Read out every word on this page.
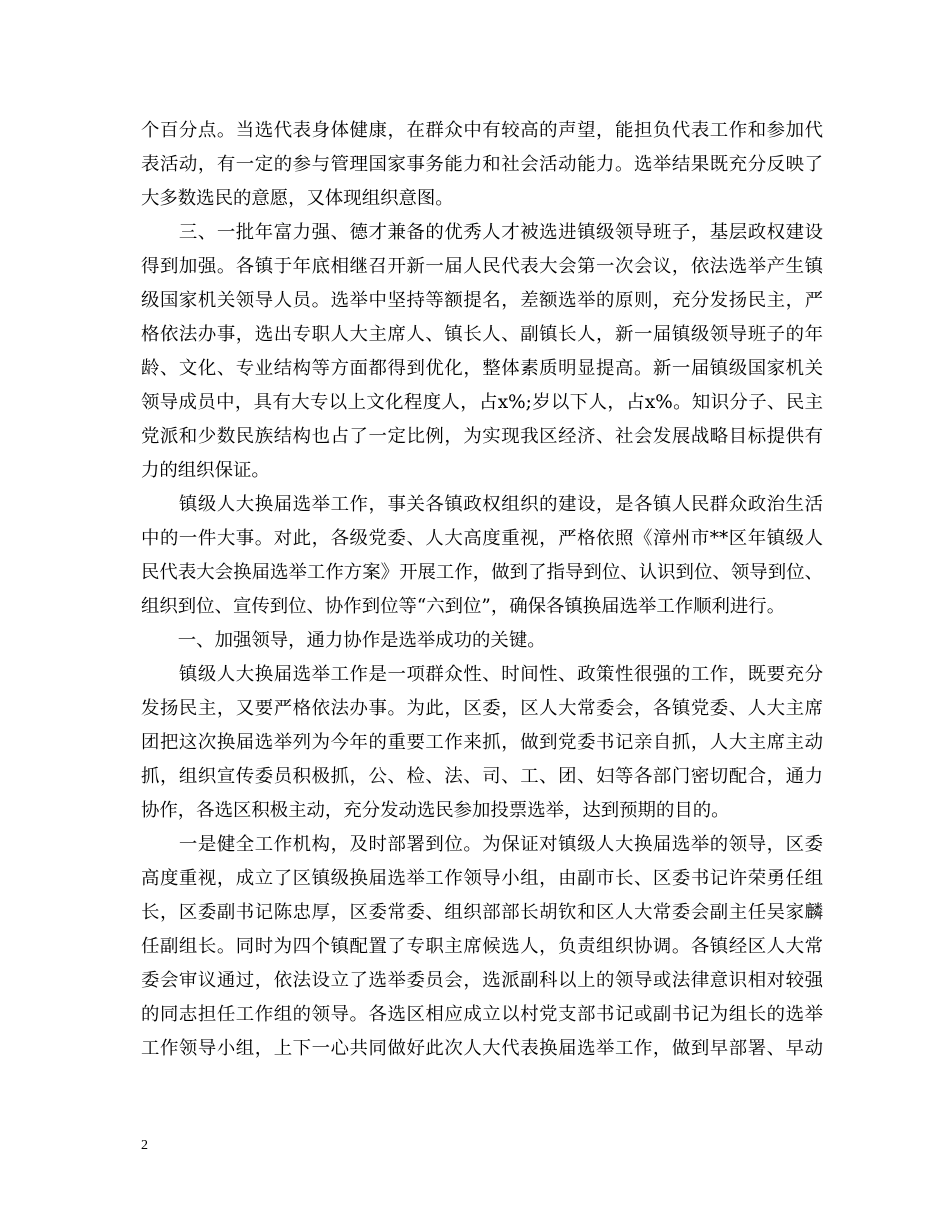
个百分点。当选代表身体健康，在群众中有较高的声望，能担负代表工作和参加代
表活动，有一定的参与管理国家事务能力和社会活动能力。选举结果既充分反映了
大多数选民的意愿，又体现组织意图。
　　三、一批年富力强、德才兼备的优秀人才被选进镇级领导班子，基层政权建设
得到加强。各镇于年底相继召开新一届人民代表大会第一次会议，依法选举产生镇
级国家机关领导人员。选举中坚持等额提名，差额选举的原则，充分发扬民主，严
格依法办事，选出专职人大主席人、镇长人、副镇长人，新一届镇级领导班子的年
龄、文化、专业结构等方面都得到优化，整体素质明显提高。新一届镇级国家机关
领导成员中，具有大专以上文化程度人，占x%;岁以下人，占x%。知识分子、民主
党派和少数民族结构也占了一定比例，为实现我区经济、社会发展战略目标提供有
力的组织保证。
　　镇级人大换届选举工作，事关各镇政权组织的建设，是各镇人民群众政治生活
中的一件大事。对此，各级党委、人大高度重视，严格依照《漳州市**区年镇级人
民代表大会换届选举工作方案》开展工作，做到了指导到位、认识到位、领导到位、
组织到位、宣传到位、协作到位等“六到位”，确保各镇换届选举工作顺利进行。
　　一、加强领导，通力协作是选举成功的关键。
　　镇级人大换届选举工作是一项群众性、时间性、政策性很强的工作，既要充分
发扬民主，又要严格依法办事。为此，区委，区人大常委会，各镇党委、人大主席
团把这次换届选举列为今年的重要工作来抓，做到党委书记亲自抓，人大主席主动
抓，组织宣传委员积极抓，公、检、法、司、工、团、妇等各部门密切配合，通力
协作，各选区积极主动，充分发动选民参加投票选举，达到预期的目的。
　　一是健全工作机构，及时部署到位。为保证对镇级人大换届选举的领导，区委
高度重视，成立了区镇级换届选举工作领导小组，由副市长、区委书记许荣勇任组
长，区委副书记陈忠厚，区委常委、组织部部长胡钦和区人大常委会副主任吴家麟
任副组长。同时为四个镇配置了专职主席候选人，负责组织协调。各镇经区人大常
委会审议通过，依法设立了选举委员会，选派副科以上的领导或法律意识相对较强
的同志担任工作组的领导。各选区相应成立以村党支部书记或副书记为组长的选举
工作领导小组，上下一心共同做好此次人大代表换届选举工作，做到早部署、早动
2
